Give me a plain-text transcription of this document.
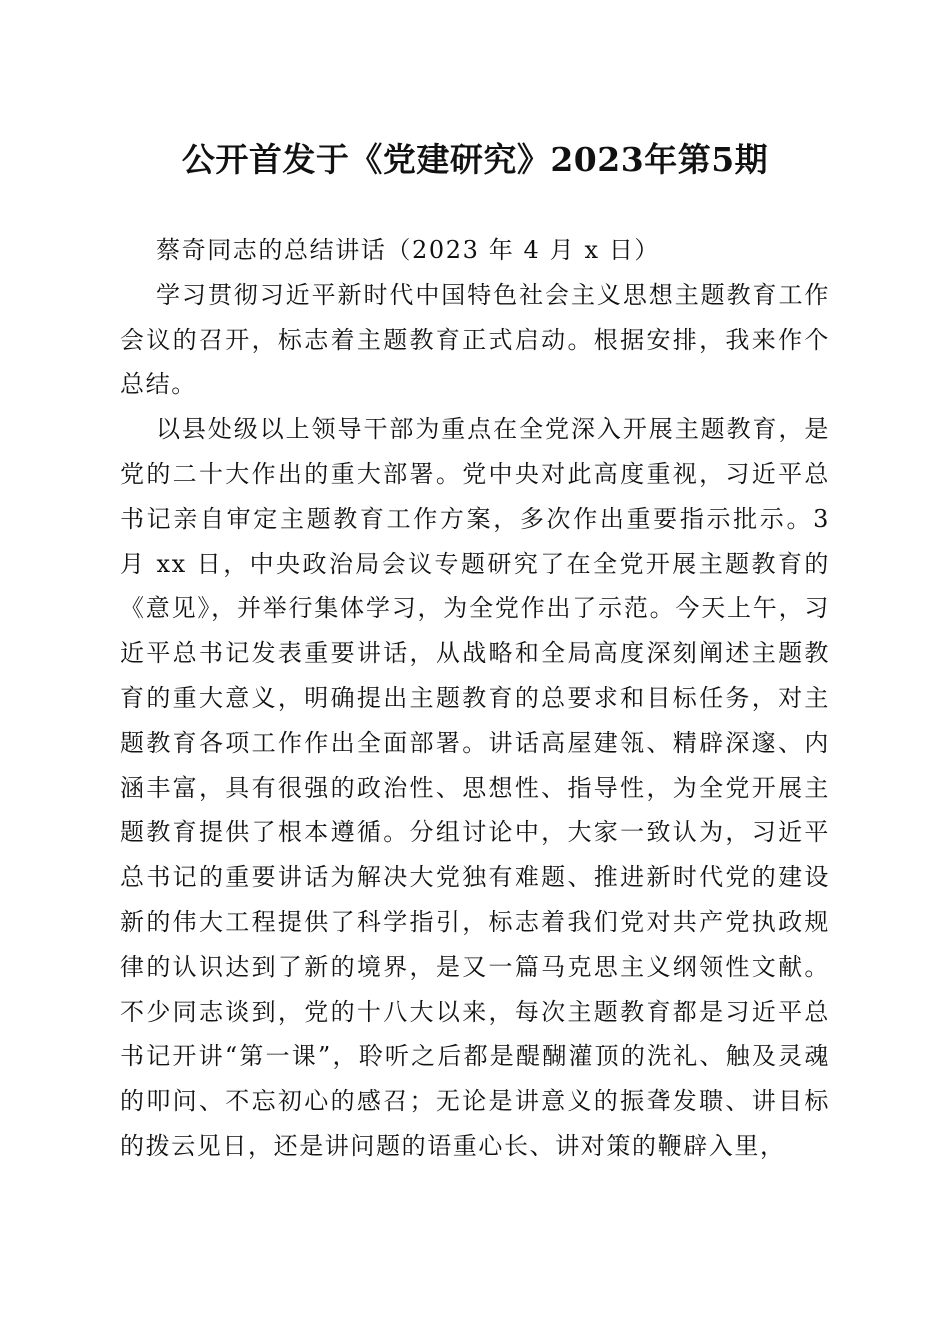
公开首发于《党建研究》2023年第5期

蔡奇同志的总结讲话（2023 年 4 月 x 日）

学习贯彻习近平新时代中国特色社会主义思想主题教育工作会议的召开，标志着主题教育正式启动。根据安排，我来作个总结。

以县处级以上领导干部为重点在全党深入开展主题教育，是党的二十大作出的重大部署。党中央对此高度重视，习近平总书记亲自审定主题教育工作方案，多次作出重要指示批示。3 月 xx 日，中央政治局会议专题研究了在全党开展主题教育的《意见》，并举行集体学习，为全党作出了示范。今天上午，习近平总书记发表重要讲话，从战略和全局高度深刻阐述主题教育的重大意义，明确提出主题教育的总要求和目标任务，对主题教育各项工作作出全面部署。讲话高屋建瓴、精辟深邃、内涵丰富，具有很强的政治性、思想性、指导性，为全党开展主题教育提供了根本遵循。分组讨论中，大家一致认为，习近平总书记的重要讲话为解决大党独有难题、推进新时代党的建设新的伟大工程提供了科学指引，标志着我们党对共产党执政规律的认识达到了新的境界，是又一篇马克思主义纲领性文献。不少同志谈到，党的十八大以来，每次主题教育都是习近平总书记开讲“第一课”，聆听之后都是醍醐灌顶的洗礼、触及灵魂的叩问、不忘初心的感召；无论是讲意义的振聋发聩、讲目标的拨云见日，还是讲问题的语重心长、讲对策的鞭辟入里，
